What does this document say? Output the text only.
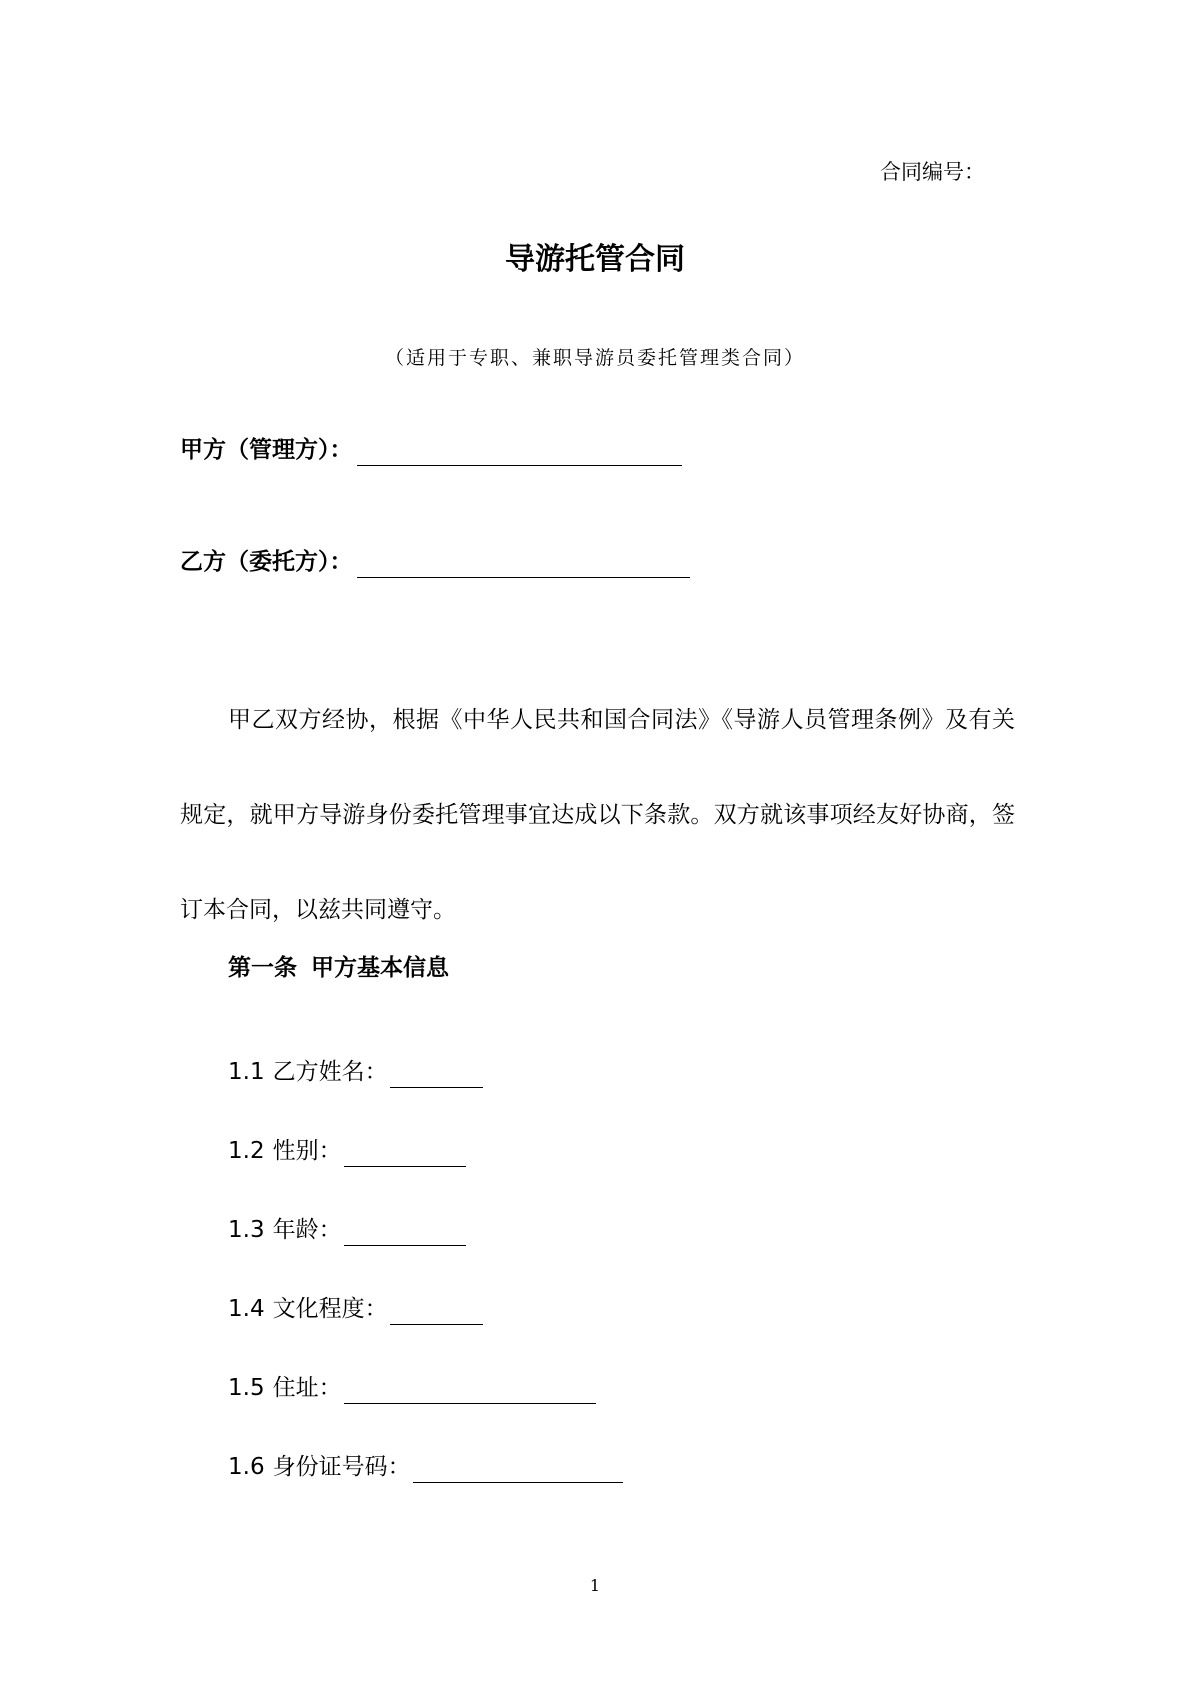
合同编号：
导游托管合同
（适用于专职、兼职导游员委托管理类合同）
甲方（管理方）：
乙方（委托方）：

甲乙双方经协，根据《中华人民共和国合同法》《导游人员管理条例》及有关规定，就甲方导游身份委托管理事宜达成以下条款。双方就该事项经友好协商，签订本合同，以兹共同遵守。

第一条 甲方基本信息
1.1 乙方姓名：
1.2 性别：
1.3 年龄：
1.4 文化程度：
1.5 住址：
1.6 身份证号码：
1
